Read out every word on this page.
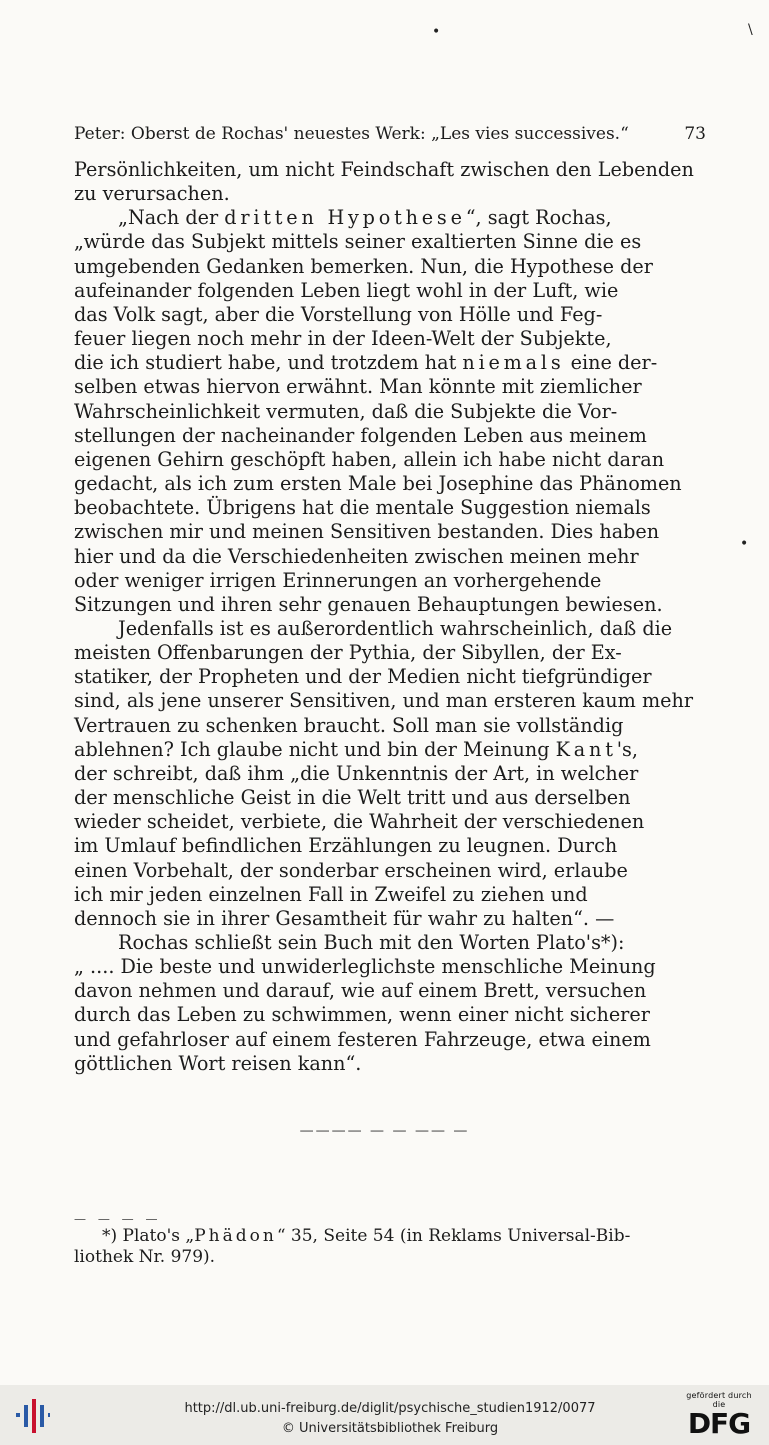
•	\
•
Peter: Oberst de Rochas' neuestes Werk: „Les vies successives.“	73

Persönlichkeiten, um nicht Feindschaft zwischen den Lebenden
zu verursachen.

„Nach der dritten Hypothese“, sagt Rochas,
„würde das Subjekt mittels seiner exaltierten Sinne die es
umgebenden Gedanken bemerken. Nun, die Hypothese der
aufeinander folgenden Leben liegt wohl in der Luft, wie
das Volk sagt, aber die Vorstellung von Hölle und Feg-
feuer liegen noch mehr in der Ideen-Welt der Subjekte,
die ich studiert habe, und trotzdem hat niemals eine der-
selben etwas hiervon erwähnt. Man könnte mit ziemlicher
Wahrscheinlichkeit vermuten, daß die Subjekte die Vor-
stellungen der nacheinander folgenden Leben aus meinem
eigenen Gehirn geschöpft haben, allein ich habe nicht daran
gedacht, als ich zum ersten Male bei Josephine das Phänomen
beobachtete. Übrigens hat die mentale Suggestion niemals
zwischen mir und meinen Sensitiven bestanden. Dies haben
hier und da die Verschiedenheiten zwischen meinen mehr
oder weniger irrigen Erinnerungen an vorhergehende
Sitzungen und ihren sehr genauen Behauptungen bewiesen.

Jedenfalls ist es außerordentlich wahrscheinlich, daß die
meisten Offenbarungen der Pythia, der Sibyllen, der Ex-
statiker, der Propheten und der Medien nicht tiefgründiger
sind, als jene unserer Sensitiven, und man ersteren kaum mehr
Vertrauen zu schenken braucht. Soll man sie vollständig
ablehnen? Ich glaube nicht und bin der Meinung Kant's,
der schreibt, daß ihm „die Unkenntnis der Art, in welcher
der menschliche Geist in die Welt tritt und aus derselben
wieder scheidet, verbiete, die Wahrheit der verschiedenen
im Umlauf befindlichen Erzählungen zu leugnen. Durch
einen Vorbehalt, der sonderbar erscheinen wird, erlaube
ich mir jeden einzelnen Fall in Zweifel zu ziehen und
dennoch sie in ihrer Gesamtheit für wahr zu halten“. —

Rochas schließt sein Buch mit den Worten Plato's*):
„ .... Die beste und unwiderleglichste menschliche Meinung
davon nehmen und darauf, wie auf einem Brett, versuchen
durch das Leben zu schwimmen, wenn einer nicht sicherer
und gefahrloser auf einem festeren Fahrzeuge, etwa einem
göttlichen Wort reisen kann“.

———— — — —— —
— — — —
*) Plato's „Phädon“ 35, Seite 54 (in Reklams Universal-Bib-
liothek Nr. 979).
http://dl.ub.uni-freiburg.de/diglit/psychische_studien1912/0077
© Universitätsbibliothek Freiburg
gefördert durch die
DFG
